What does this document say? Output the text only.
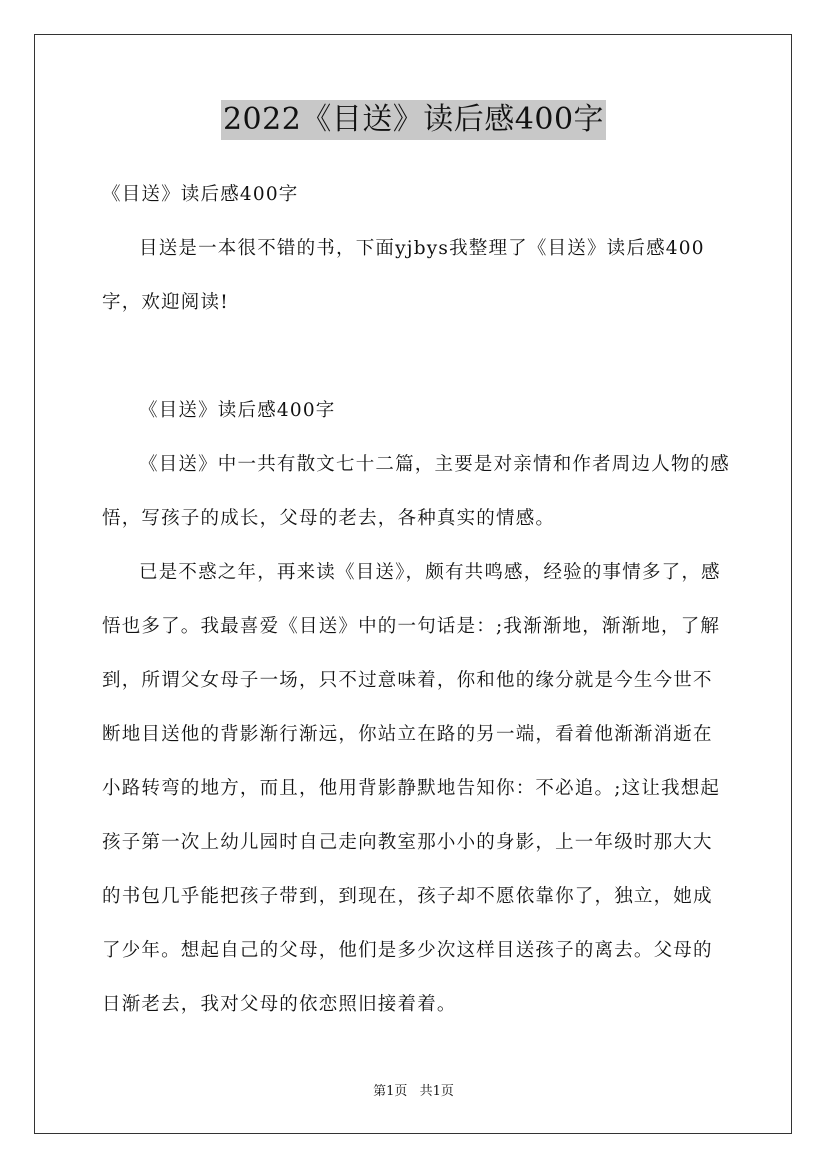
2022《目送》读后感400字

《目送》读后感400字

目送是一本很不错的书，下面yjbys我整理了《目送》读后感400字，欢迎阅读!

《目送》读后感400字

《目送》中一共有散文七十二篇，主要是对亲情和作者周边人物的感悟，写孩子的成长，父母的老去，各种真实的情感。

已是不惑之年，再来读《目送》，颇有共鸣感，经验的事情多了，感悟也多了。我最喜爱《目送》中的一句话是：;我渐渐地，渐渐地，了解到，所谓父女母子一场，只不过意味着，你和他的缘分就是今生今世不断地目送他的背影渐行渐远，你站立在路的另一端，看着他渐渐消逝在小路转弯的地方，而且，他用背影静默地告知你：不必追。;这让我想起孩子第一次上幼儿园时自己走向教室那小小的身影，上一年级时那大大的书包几乎能把孩子带到，到现在，孩子却不愿依靠你了，独立，她成了少年。想起自己的父母，他们是多少次这样目送孩子的离去。父母的日渐老去，我对父母的依恋照旧接着着。

第1页 共1页
